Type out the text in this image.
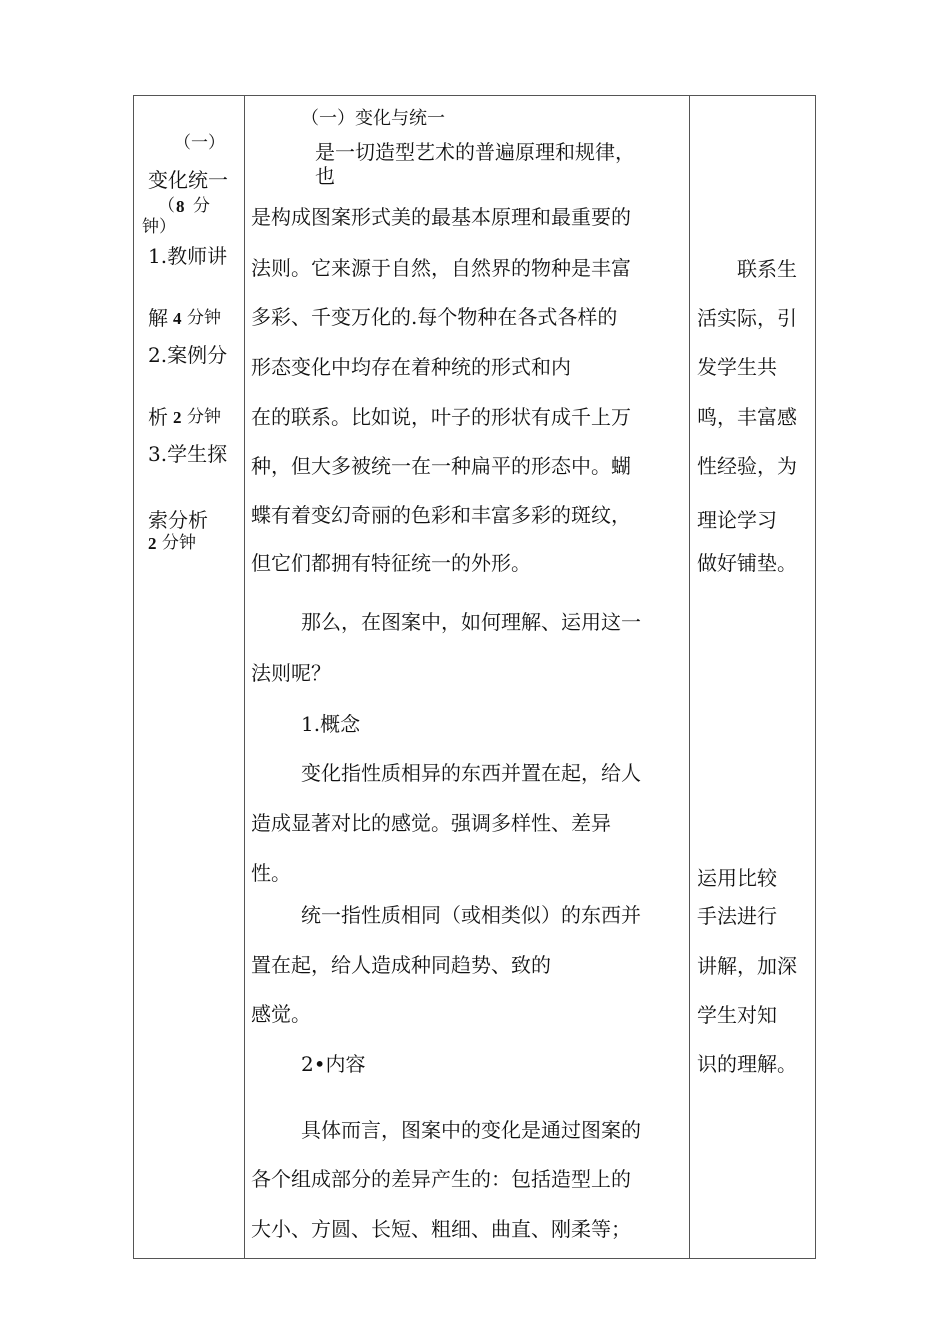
（一）
变化统一
（ 8 分
钟）
1.教师讲
解 4 分钟
2.案例分
析 2 分钟
3.学生探
索分析
2 分钟
（一）变化与统一
是一切造型艺术的普遍原理和规律，
也
是构成图案形式美的最基本原理和最重要的
法则。它来源于自然，自然界的物种是丰富
多彩、千变万化的.每个物种在各式各样的
形态变化中均存在着种统的形式和内
在的联系。比如说，叶子的形状有成千上万
种，但大多被统一在一种扁平的形态中。蝴
蝶有着变幻奇丽的色彩和丰富多彩的斑纹，
但它们都拥有特征统一的外形。
那么，在图案中，如何理解、运用这一
法则呢？
1.概念
变化指性质相异的东西并置在起，给人
造成显著对比的感觉。强调多样性、差异
性。
统一指性质相同（或相类似）的东西并
置在起，给人造成种同趋势、致的
感觉。
2•内容
具体而言，图案中的变化是通过图案的
各个组成部分的差异产生的：包括造型上的
大小、方圆、长短、粗细、曲直、刚柔等；
联系生
活实际，引
发学生共
鸣，丰富感
性经验，为
理论学习
做好铺垫。
运用比较
手法进行
讲解，加深
学生对知
识的理解。
